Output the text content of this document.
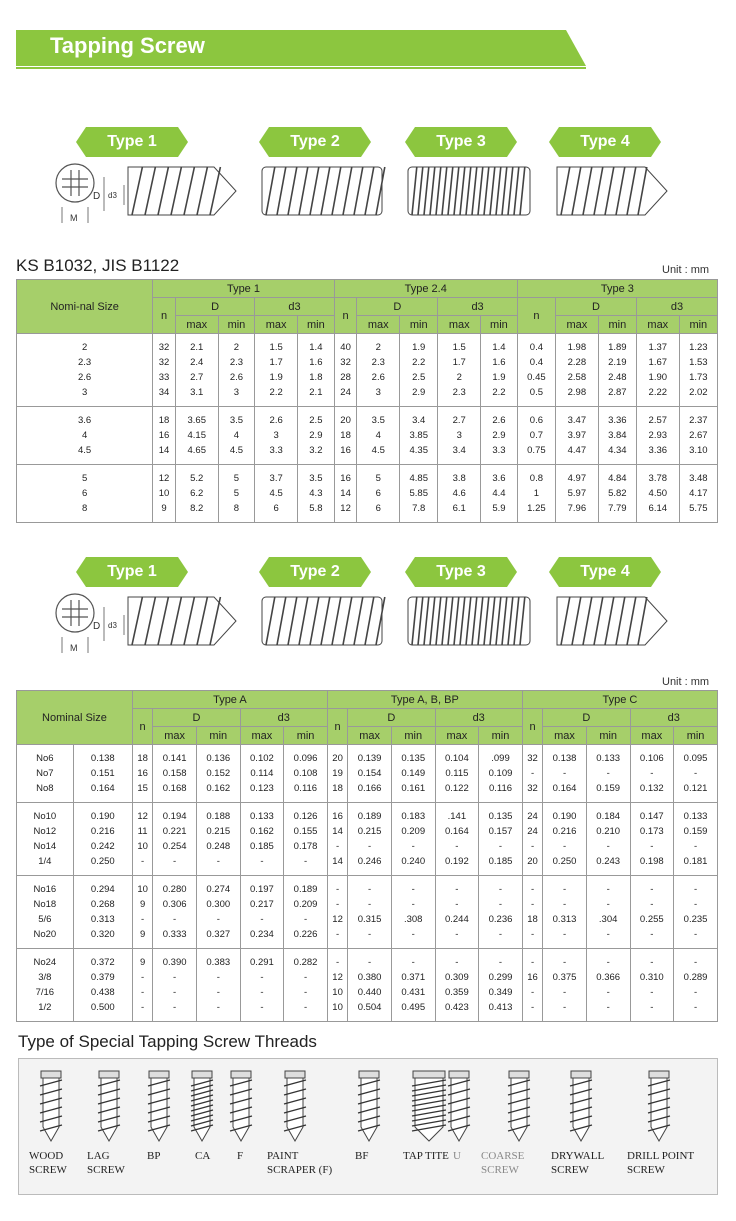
Tapping Screw
Type 1	Type 2	Type 3	Type 4
D d3
M
KS B1032, JIS B1122	Unit : mm
Nomi-nal Size	Type 1					Type 2.4					Type 3				
	n	D		d3		n	D		d3		n	D		d3	
		max	min	max	min		max	min	max	min		max	min	max	min
2	32	2.1	2	1.5	1.4	40	2	1.9	1.5	1.4	0.4	1.98	1.89	1.37	1.23
2.3	32	2.4	2.3	1.7	1.6	32	2.3	2.2	1.7	1.6	0.4	2.28	2.19	1.67	1.53
2.6	33	2.7	2.6	1.9	1.8	28	2.6	2.5	2	1.9	0.45	2.58	2.48	1.90	1.73
3	34	3.1	3	2.2	2.1	24	3	2.9	2.3	2.2	0.5	2.98	2.87	2.22	2.02
3.6	18	3.65	3.5	2.6	2.5	20	3.5	3.4	2.7	2.6	0.6	3.47	3.36	2.57	2.37
4	16	4.15	4	3	2.9	18	4	3.85	3	2.9	0.7	3.97	3.84	2.93	2.67
4.5	14	4.65	4.5	3.3	3.2	16	4.5	4.35	3.4	3.3	0.75	4.47	4.34	3.36	3.10
5	12	5.2	5	3.7	3.5	16	5	4.85	3.8	3.6	0.8	4.97	4.84	3.78	3.48
6	10	6.2	5	4.5	4.3	14	6	5.85	4.6	4.4	1	5.97	5.82	4.50	4.17
8	9	8.2	8	6	5.8	12	6	7.8	6.1	5.9	1.25	7.96	7.79	6.14	5.75
Type 1	Type 2	Type 3	Type 4
D d3
M
Unit : mm
Nominal Size		Type A					Type A, B, BP					Type C				
		n	D		d3		n	D		d3		n	D		d3	
			max	min	max	min		max	min	max	min		max	min	max	min
No6	0.138	18	0.141	0.136	0.102	0.096	20	0.139	0.135	0.104	.099	32	0.138	0.133	0.106	0.095
No7	0.151	16	0.158	0.152	0.114	0.108	19	0.154	0.149	0.115	0.109	-	-	-	-	-
No8	0.164	15	0.168	0.162	0.123	0.116	18	0.166	0.161	0.122	0.116	32	0.164	0.159	0.132	0.121
No10	0.190	12	0.194	0.188	0.133	0.126	16	0.189	0.183	.141	0.135	24	0.190	0.184	0.147	0.133
No12	0.216	11	0.221	0.215	0.162	0.155	14	0.215	0.209	0.164	0.157	24	0.216	0.210	0.173	0.159
No14	0.242	10	0.254	0.248	0.185	0.178	-	-	-	-	-	-	-	-	-	-
1/4	0.250	-	-	-	-	-	14	0.246	0.240	0.192	0.185	20	0.250	0.243	0.198	0.181
No16	0.294	10	0.280	0.274	0.197	0.189	-	-	-	-	-	-	-	-	-	-
No18	0.268	9	0.306	0.300	0.217	0.209	-	-	-	-	-	-	-	-	-	-
5/6	0.313	-	-	-	-	-	12	0.315	.308	0.244	0.236	18	0.313	.304	0.255	0.235
No20	0.320	9	0.333	0.327	0.234	0.226	-	-	-	-	-	-	-	-	-	-
No24	0.372	9	0.390	0.383	0.291	0.282	-	-	-	-	-	-	-	-	-	-
3/8	0.379	-	-	-	-	-	12	0.380	0.371	0.309	0.299	16	0.375	0.366	0.310	0.289
7/16	0.438	-	-	-	-	-	10	0.440	0.431	0.359	0.349	-	-	-	-	-
1/2	0.500	-	-	-	-	-	10	0.504	0.495	0.423	0.413	-	-	-	-	-
Type of Special Tapping Screw Threads
WOOD
SCREW
LAG
SCREW
BP	CA F PAINT
SCRAPER (F)
BF	TAP TITE U COARSE
SCREW
DRYWALL
SCREW
DRILL POINT
SCREW
